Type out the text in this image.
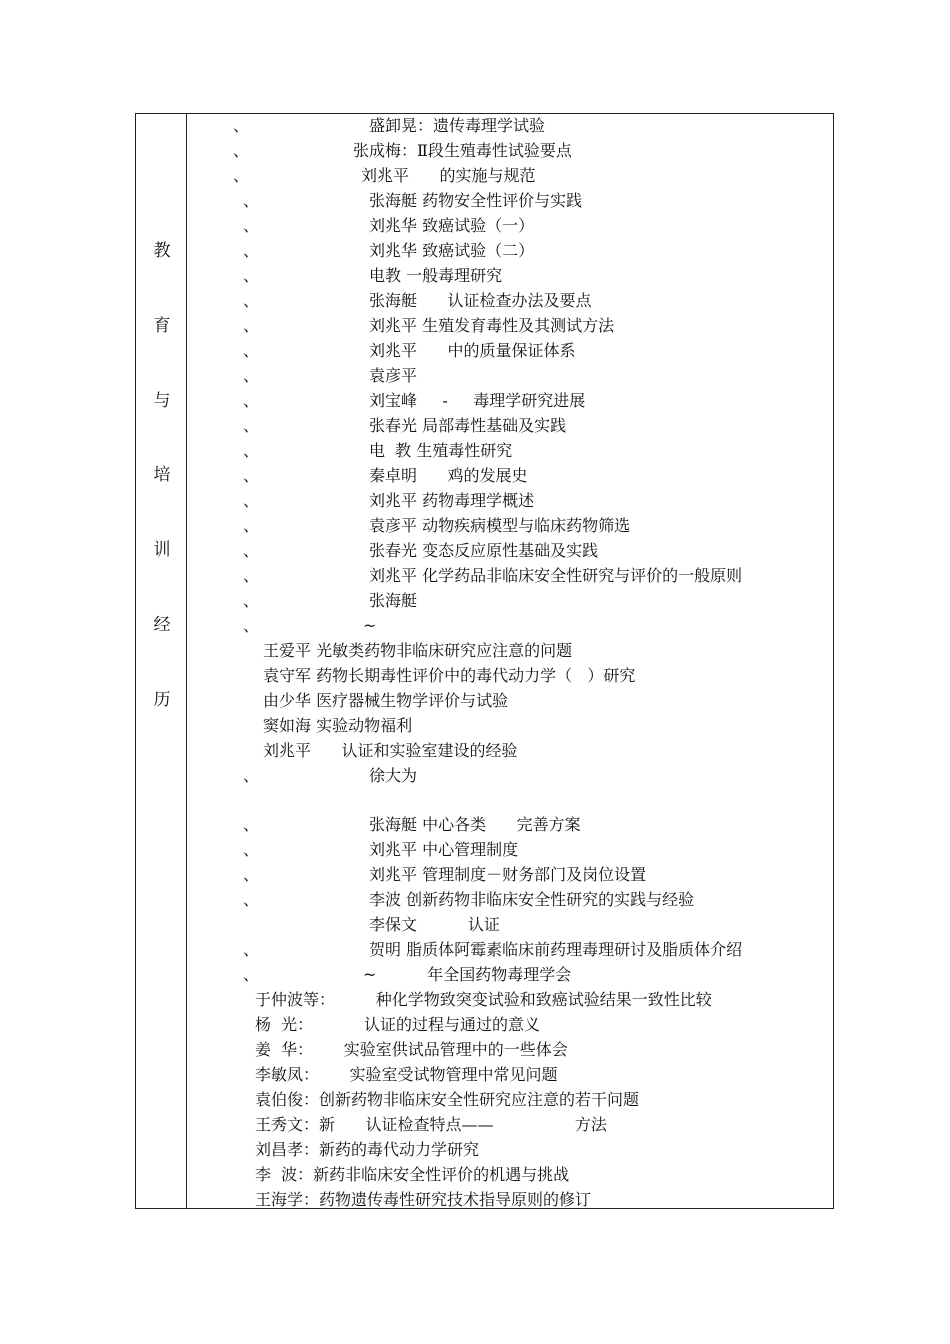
教
育
与
培
训
经
历
、	盛卸晃：遗传毒理学试验
、	张成梅：Ⅱ段生殖毒性试验要点
、	刘兆平      的实施与规范
、	张海艇 药物安全性评价与实践
、	刘兆华 致癌试验（一）
、	刘兆华 致癌试验（二）
、	电教 一般毒理研究
、	张海艇      认证检查办法及要点
、	刘兆平 生殖发育毒性及其测试方法
、	刘兆平      中的质量保证体系
、	袁彦平
、	刘宝峰     -     毒理学研究进展
、	张春光 局部毒性基础及实践
、	电  教 生殖毒性研究
、	秦卓明      鸡的发展史
、	刘兆平 药物毒理学概述
、	袁彦平 动物疾病模型与临床药物筛选
、	张春光 变态反应原性基础及实践
、	刘兆平 化学药品非临床安全性研究与评价的一般原则
、	张海艇
、	~
王爱平 光敏类药物非临床研究应注意的问题
袁守军 药物长期毒性评价中的毒代动力学（   ）研究
由少华 医疗器械生物学评价与试验
窦如海 实验动物福利
刘兆平      认证和实验室建设的经验
、	徐大为
、	张海艇 中心各类      完善方案
、	刘兆平 中心管理制度
、	刘兆平 管理制度－财务部门及岗位设置
、	李波 创新药物非临床安全性研究的实践与经验
李保文          认证
、	贺明 脂质体阿霉素临床前药理毒理研讨及脂质体介绍
、	~          年全国药物毒理学会
于仲波等：        种化学物致突变试验和致癌试验结果一致性比较
杨  光：          认证的过程与通过的意义
姜  华：      实验室供试品管理中的一些体会
李敏凤：      实验室受试物管理中常见问题
袁伯俊：创新药物非临床安全性研究应注意的若干问题
王秀文：新      认证检查特点——                方法
刘昌孝：新药的毒代动力学研究
李  波：新药非临床安全性评价的机遇与挑战
王海学：药物遗传毒性研究技术指导原则的修订
